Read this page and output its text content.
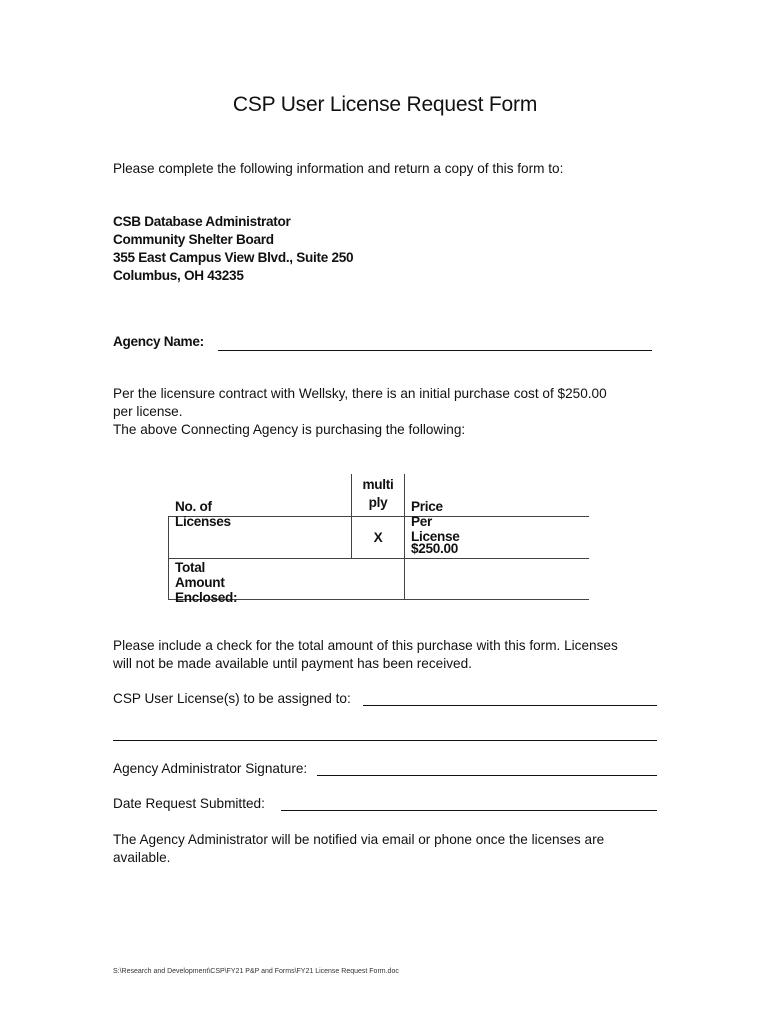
CSP User License Request Form
Please complete the following information and return a copy of this form to:
CSB Database Administrator
Community Shelter Board
355 East Campus View Blvd., Suite 250
Columbus, OH 43235
Agency Name:
Per the licensure contract with Wellsky, there is an initial purchase cost of $250.00
per license.
The above Connecting Agency is purchasing the following:
No. of Licenses
multi
ply	Price Per License
X
$250.00
Total Amount Enclosed:
Please include a check for the total amount of this purchase with this form. Licenses
will not be made available until payment has been received.
CSP User License(s) to be assigned to:
Agency Administrator Signature:
Date Request Submitted:
The Agency Administrator will be notified via email or phone once the licenses are
available.
S:\Research and Development\CSP\FY21 P&P and Forms\FY21 License Request Form.doc
